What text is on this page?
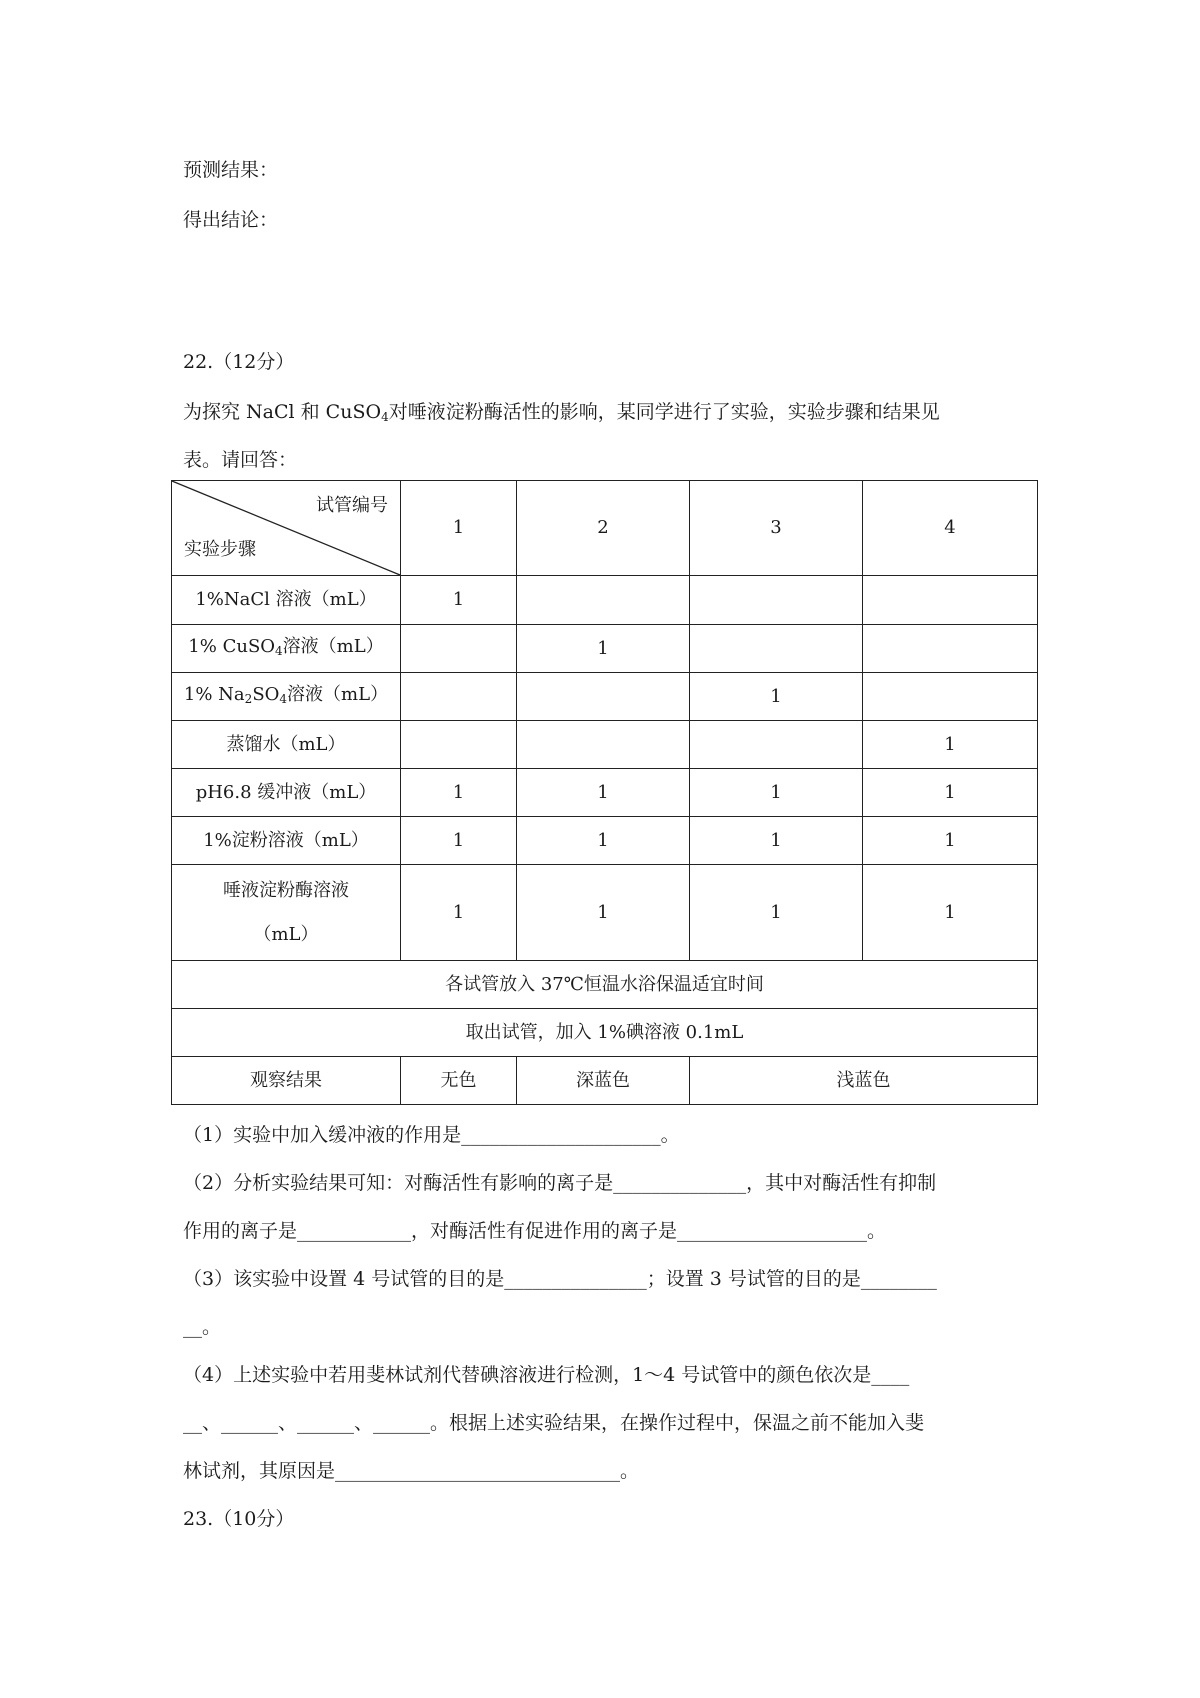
预测结果：
得出结论：
22.（12分）
为探究 NaCl 和 CuSO$_4$对唾液淀粉酶活性的影响，某同学进行了实验，实验步骤和结果见
表。请回答：
试管编号
实验步骤	1	2	3	4
1%NaCl 溶液（mL）	1			
1% CuSO$_4$溶液（mL）		1		
1% $Na_2SO_4$溶液（mL）			1	
蒸馏水（mL）				1
pH6.8 缓冲液（mL）	1	1	1	1
1%淀粉溶液（mL）	1	1	1	1

唾液淀粉酶溶液
（mL）	1	1	1	1
各试管放入 37℃恒温水浴保温适宜时间				
取出试管，加入 1%碘溶液 0.1mL				
观察结果	无色	深蓝色	浅蓝色	
（1）实验中加入缓冲液的作用是_____________________。
（2）分析实验结果可知：对酶活性有影响的离子是______________，其中对酶活性有抑制
作用的离子是____________，对酶活性有促进作用的离子是____________________。
（3）该实验中设置 4 号试管的目的是_______________；设置 3 号试管的目的是________
__。
（4）上述实验中若用斐林试剂代替碘溶液进行检测，1～4 号试管中的颜色依次是____
__、______、______、______。根据上述实验结果，在操作过程中，保温之前不能加入斐
林试剂，其原因是______________________________。
23.（10分）
